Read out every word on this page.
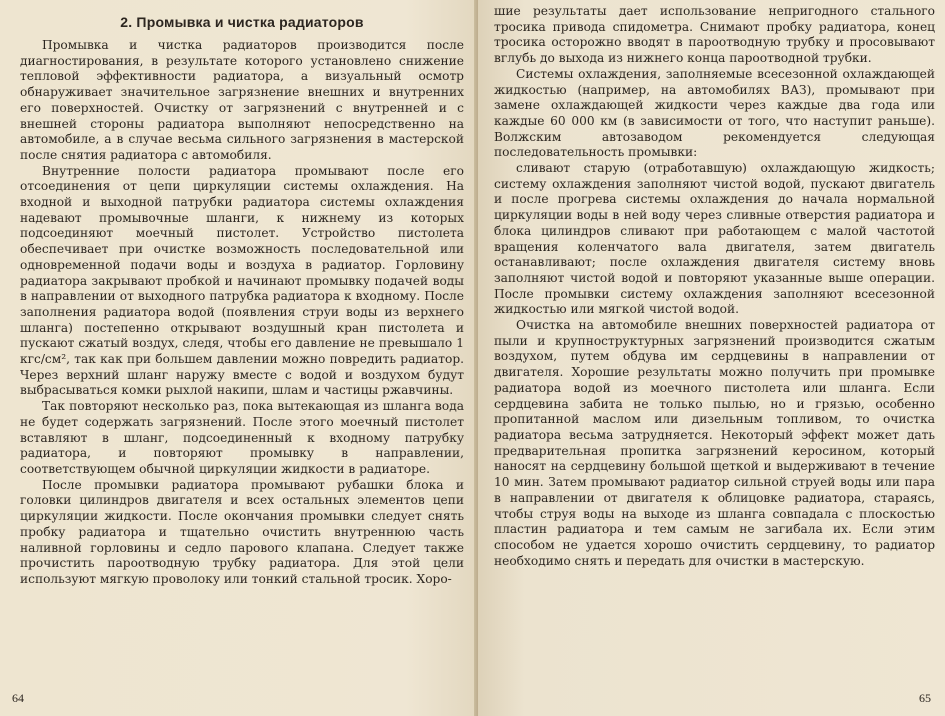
2. Промывка и чистка радиаторов

Промывка и чистка радиаторов производится после диагностирования, в результате которого установлено снижение тепловой эффективности радиатора, а визуальный осмотр обнаруживает значительное загрязнение внешних и внутренних его поверхностей. Очистку от загрязнений с внутренней и с внешней стороны радиатора выполняют непосредственно на автомобиле, а в случае весьма сильного загрязнения в мастерской после снятия радиатора с автомобиля.

Внутренние полости радиатора промывают после его отсоединения от цепи циркуляции системы охлаждения. На входной и выходной патрубки радиатора системы охлаждения надевают промывочные шланги, к нижнему из которых подсоединяют моечный пистолет. Устройство пистолета обеспечивает при очистке возможность последовательной или одновременной подачи воды и воздуха в радиатор. Горловину радиатора закрывают пробкой и начинают промывку подачей воды в направлении от выходного патрубка радиатора к входному. После заполнения радиатора водой (появления струи воды из верхнего шланга) постепенно открывают воздушный кран пистолета и пускают сжатый воздух, следя, чтобы его давление не превышало 1 кгс/см², так как при большем давлении можно повредить радиатор. Через верхний шланг наружу вместе с водой и воздухом будут выбрасываться комки рыхлой накипи, шлам и частицы ржавчины.

Так повторяют несколько раз, пока вытекающая из шланга вода не будет содержать загрязнений. После этого моечный пистолет вставляют в шланг, подсоединенный к входному патрубку радиатора, и повторяют промывку в направлении, соответствующем обычной циркуляции жидкости в радиаторе.

После промывки радиатора промывают рубашки блока и головки цилиндров двигателя и всех остальных элементов цепи циркуляции жидкости. После окончания промывки следует снять пробку радиатора и тщательно очистить внутреннюю часть наливной горловины и седло парового клапана. Следует также прочистить пароотводную трубку радиатора. Для этой цели используют мягкую проволоку или тонкий стальной тросик. Хоро-

64

шие результаты дает использование непригодного стального тросика привода спидометра. Снимают пробку радиатора, конец тросика осторожно вводят в пароотводную трубку и просовывают вглубь до выхода из нижнего конца пароотводной трубки.

Системы охлаждения, заполняемые всесезонной охлаждающей жидкостью (например, на автомобилях ВАЗ), промывают при замене охлаждающей жидкости через каждые два года или каждые 60 000 км (в зависимости от того, что наступит раньше). Волжским автозаводом рекомендуется следующая последовательность промывки:

сливают старую (отработавшую) охлаждающую жидкость; систему охлаждения заполняют чистой водой, пускают двигатель и после прогрева системы охлаждения до начала нормальной циркуляции воды в ней воду через сливные отверстия радиатора и блока цилиндров сливают при работающем с малой частотой вращения коленчатого вала двигателя, затем двигатель останавливают; после охлаждения двигателя систему вновь заполняют чистой водой и повторяют указанные выше операции. После промывки систему охлаждения заполняют всесезонной жидкостью или мягкой чистой водой.

Очистка на автомобиле внешних поверхностей радиатора от пыли и крупноструктурных загрязнений производится сжатым воздухом, путем обдува им сердцевины в направлении от двигателя. Хорошие результаты можно получить при промывке радиатора водой из моечного пистолета или шланга. Если сердцевина забита не только пылью, но и грязью, особенно пропитанной маслом или дизельным топливом, то очистка радиатора весьма затрудняется. Некоторый эффект может дать предварительная пропитка загрязнений керосином, который наносят на сердцевину большой щеткой и выдерживают в течение 10 мин. Затем промывают радиатор сильной струей воды или пара в направлении от двигателя к облицовке радиатора, стараясь, чтобы струя воды на выходе из шланга совпадала с плоскостью пластин радиатора и тем самым не загибала их. Если этим способом не удается хорошо очистить сердцевину, то радиатор необходимо снять и передать для очистки в мастерскую.

65
